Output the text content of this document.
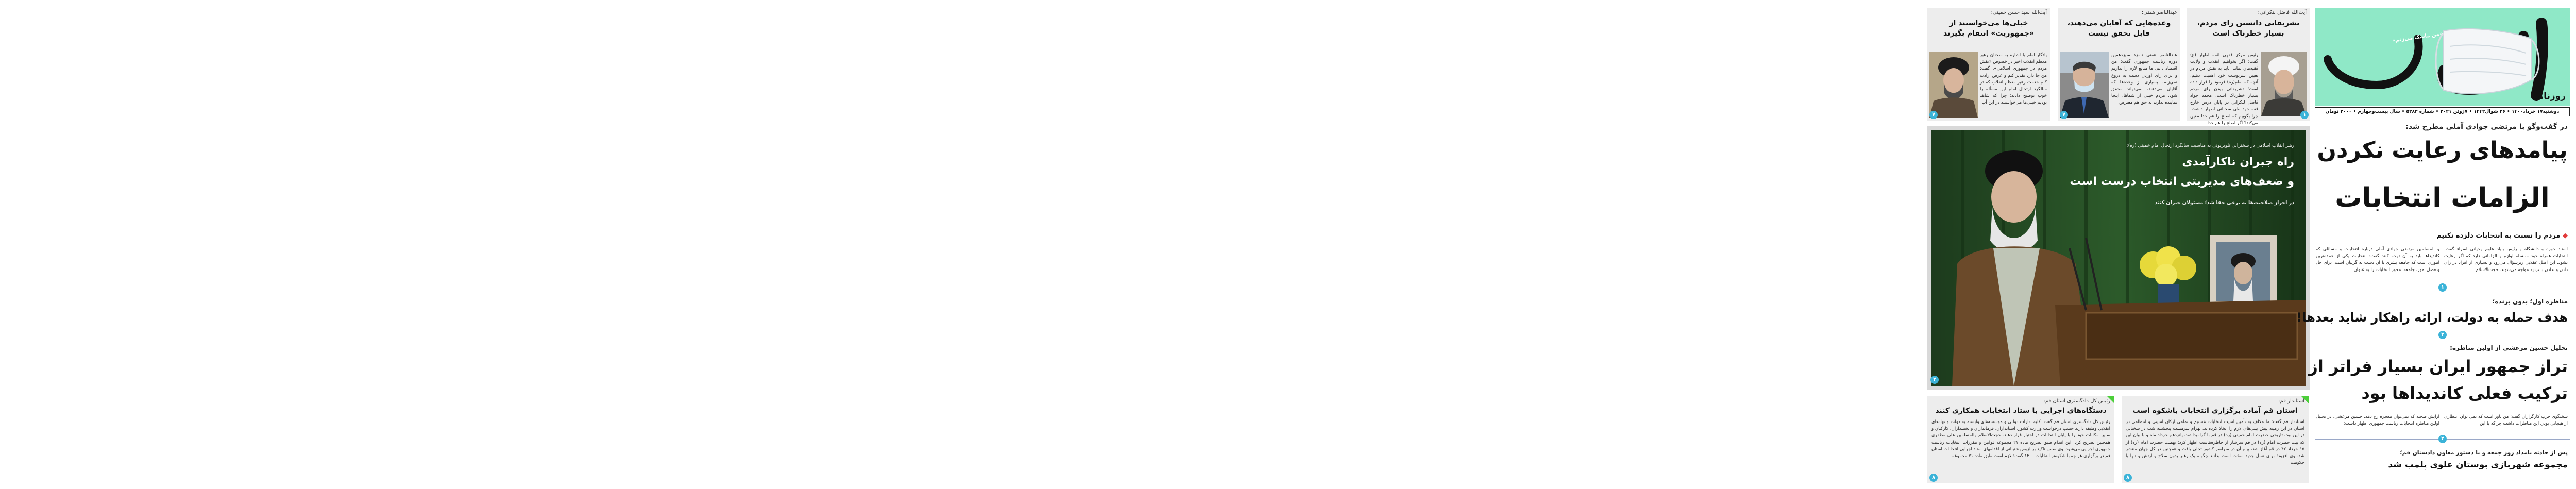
«من ماسک می‌زنم»
روزنامه
دوشنبه۱۷ خرداد۱۴۰۰ • ۲۶ شوال۱۴۴۲ • ۷ژوئن ۲۰۲۱ • شماره ۵۲۸۳ • سال بیست‌وچهارم • ۲۰۰۰ تومان
آیت‌الله فاضل لنکرانی:
تشریفاتی دانستن رای مردم، بسیار خطرناک است
رئیس مرکز فقهی ائمه اطهار (ع) گفت: اگر بخواهیم انقلاب و ولایت فقیه‌مان بماند، باید به نقش مردم در تعیین سرنوشت خود اهمیت دهیم. آنچه که امام(ره) فرمود را قرار داده است؛ تشریفاتی بودن رای مردم بسیار خطرناک است. محمد جواد فاضل لنکرانی در پایان درس خارج فقه خود طی سخنانی اظهار داشت: چرا بگوییم که اصلح را هم خدا معین می‌کند؟ اگر اصلح را هم خدا
۱
عبدالناصر همتی:
وعده‌هایی که آقایان می‌دهند، قابل تحقق نیست
عبدالناصر همتی نامزد سیزدهمین دوره ریاست جمهوری گفت: من اقتصاد دانم، ما منابع لازم را نداریم و برای رای آوردن دست به دروغ نمی‌زنم. بسیاری از وعده‌ها که آقایان می‌دهند، نمی‌تواند محقق شود. مردم خیلی از شماها، اینجا نماینده ندارید به حق هم معترض
۷
آیت‌الله سید حسن خمینی:
خیلی‌ها می‌خواستند از «جمهوریت» انتقام بگیرند
یادگار امام با اشاره به سخنان رهبر معظم انقلاب اخیر در خصوص «نقش مردم در جمهوری اسلامی»، گفت: من جا دارد تقدیر کنم و عرض ارادت کنم خدمت رهبر معظم انقلاب که در سالگرد ارتحال امام این مسأله را خوب توضیح دادند؛ چرا که شاهد بودیم خیلی‌ها می‌خواستند در این آب
۷
رهبر انقلاب اسلامی در سخنرانی تلویزیونی به مناسبت سالگرد ارتحال امام خمینی (ره):
راه جبران ناکارآمدی
و ضعف‌های مدیریتی انتخاب درست است
در احراز صلاحیت‌ها به برخی جفا شد؛ مسئولان جبران کنند
۲
در گفت‌وگو با مرتضی جوادی آملی مطرح شد:
پیامدهای رعایت نکردن
الزامات انتخابات
◆ مردم را نسبت به انتخابات دلزده نکنیم
استاد حوزه و دانشگاه و رئیس بنیاد علوم وحیانی اسراء گفت: انتخابات همراه خود سلسله لوازم و الزاماتی دارد که اگر رعایت نشود، این اصل عقلایی زیرسؤال می‌رود و بسیاری از افراد در رای دادن و ندادن با تردید مواجه می‌شوند. حجت‌الاسلام
و المسلمین مرتضی جوادی آملی درباره انتخابات و مسائلی که کاندیداها باید به آن توجه کنند گفت: انتخابات یکی از عمده‌ترین اموری است که جامعه بشری با آن دست به گریبان است. برای حل و فصل امور، جامعه، محور انتخابات را به عنوان
۱
مناظره اول؛ بدون برنده؛
هدف حمله به دولت، ارائه راهکار شاید بعدها!
۳
تحلیل حسین مرعشی از اولین مناظره:
تراز جمهور ایران بسیار فراتر از
ترکیب فعلی کاندیداها بود
سخنگوی حزب کارگزاران گفت: من باور است که نمی توان انتظاری از هیجانی بودن این مناظرات داشت چراکه با این
آرایش صحنه که نمی‌توان معجزه رخ دهد. حسین مرعشی، در تحلیل اولین مناظره انتخابات ریاست جمهوری اظهار داشت:
۲
پس از حادثه بامداد روز جمعه و با دستور معاون دادستان قم؛
مجموعه شهربازی بوستان علوی پلمب شد
استاندار قم:
استان قم آماده برگزاری انتخابات باشکوه است
استاندار قم گفت: ما مکلف به تأمین امنیت انتخابات هستیم و تمامی ارکان امنیتی و انتظامی در استان در این زمینه پیش بینی‌های لازم را اتخاذ کرده‌اند. بهرام سرمست پنجشنبه شب در سخنانی در این بیت تاریخی حضرت امام خمینی (ره) در قم با گرامیداشت پانزدهم خرداد ماه و با بیان این که بیت حضرت امام (ره) در قم سرشار از خاطره‌هاست اظهار کرد: نهضت حضرت امام (ره) از ۱۵ خرداد ۴۲ در قم آغاز شد، پیام آن در سراسر کشور تجلی یافت و همچنین در کل جهان منتشر شد. وی افزود: برای نسل جدید سخت است بدانند چگونه یک رهبر بدون سلاح و ارتش و تنها با حکومت
۸
رئیس کل دادگستری استان قم:
دستگاه‌های اجرایی با ستاد انتخابات همکاری کنند
رئیس کل دادگستری استان قم گفت: کلیه ادارات دولتی و موسسه‌های وابسته به دولت و نهادهای انقلابی وظیفه دارند حسب درخواست وزارت کشور، استانداران، فرمانداران و بخشداران، کارکنان و سایر امکانات خود را با پایان انتخابات در اختیار قرار دهند. حجت‌الاسلام والمسلمین علی مظفری همچنین تصریح کرد: این اقدام طبق تصریح ماده ۲۱ مجموعه قوانین و مقررات انتخابات ریاست جمهوری اجرایی می‌شود. وی ضمن تاکید بر لزوم پشتیبانی از اقدامهای ستاد اجرایی انتخابات استان قم در برگزاری هر چه با شکوه‌تر انتخابات ۱۴۰۰ گفت: لازم است طبق ماده ۷۱ مجموعه
۸
